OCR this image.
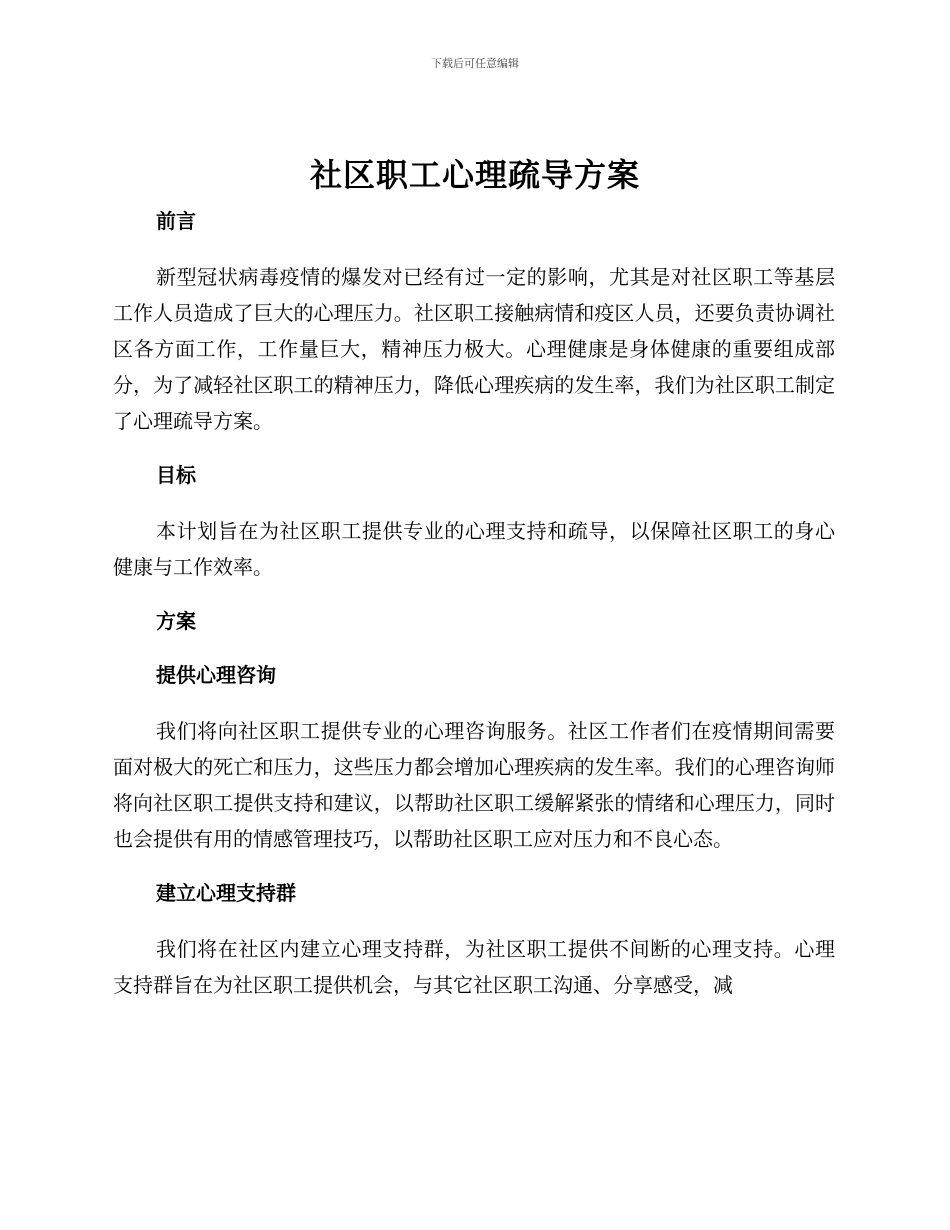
下载后可任意编辑
社区职工心理疏导方案
前言

新型冠状病毒疫情的爆发对已经有过一定的影响，尤其是对社区职工等基层工作人员造成了巨大的心理压力。社区职工接触病情和疫区人员，还要负责协调社区各方面工作，工作量巨大，精神压力极大。心理健康是身体健康的重要组成部分，为了减轻社区职工的精神压力，降低心理疾病的发生率，我们为社区职工制定了心理疏导方案。

目标

本计划旨在为社区职工提供专业的心理支持和疏导，以保障社区职工的身心健康与工作效率。

方案
提供心理咨询

我们将向社区职工提供专业的心理咨询服务。社区工作者们在疫情期间需要面对极大的死亡和压力，这些压力都会增加心理疾病的发生率。我们的心理咨询师将向社区职工提供支持和建议，以帮助社区职工缓解紧张的情绪和心理压力，同时也会提供有用的情感管理技巧，以帮助社区职工应对压力和不良心态。

建立心理支持群

我们将在社区内建立心理支持群，为社区职工提供不间断的心理支持。心理支持群旨在为社区职工提供机会，与其它社区职工沟通、分享感受，减
